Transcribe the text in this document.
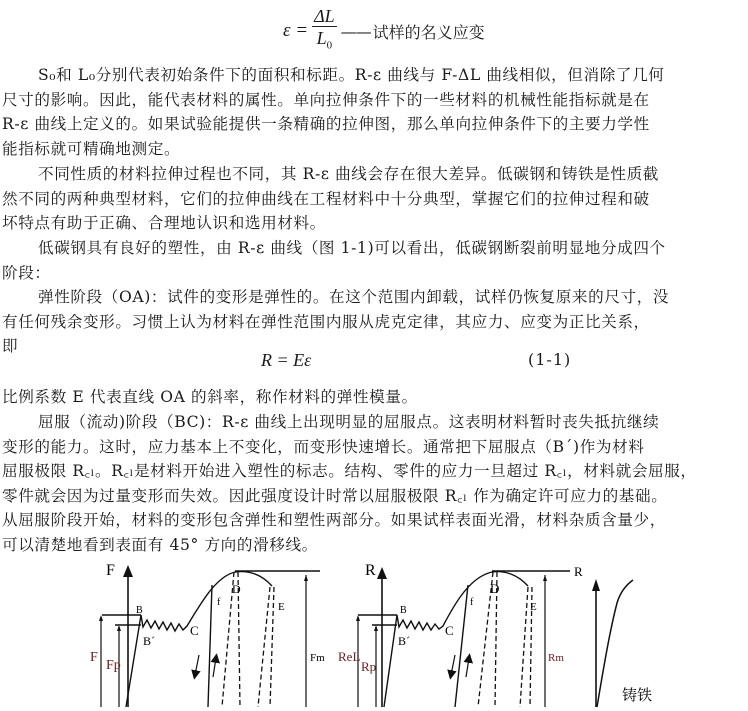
$\varepsilon = \frac{\Delta L}{L_0}$ —— 试样的名义应变

S₀和 L₀分别代表初始条件下的面积和标距。R-ε 曲线与 F-ΔL 曲线相似，但消除了几何
尺寸的影响。因此，能代表材料的属性。单向拉伸条件下的一些材料的机械性能指标就是在
R-ε 曲线上定义的。如果试验能提供一条精确的拉伸图，那么单向拉伸条件下的主要力学性
能指标就可精确地测定。

不同性质的材料拉伸过程也不同，其 R-ε 曲线会存在很大差异。低碳钢和铸铁是性质截
然不同的两种典型材料，它们的拉伸曲线在工程材料中十分典型，掌握它们的拉伸过程和破
坏特点有助于正确、合理地认识和选用材料。

低碳钢具有良好的塑性，由 R-ε 曲线（图 1-1)可以看出，低碳钢断裂前明显地分成四个
阶段：

弹性阶段（OA)：试件的变形是弹性的。在这个范围内卸载，试样仍恢复原来的尺寸，没
有任何残余变形。习惯上认为材料在弹性范围内服从虎克定律，其应力、应变为正比关系，
即

R = Eε	(1-1)

比例系数 E 代表直线 OA 的斜率，称作材料的弹性模量。

屈服（流动)阶段（BC)：R-ε 曲线上出现明显的屈服点。这表明材料暂时丧失抵抗继续
变形的能力。这时，应力基本上不变化，而变形快速增长。通常把下屈服点（B´)作为材料
屈服极限 R꜀ₗ。R꜀ₗ是材料开始进入塑性的标志。结构、零件的应力一旦超过 R꜀ₗ，材料就会屈服，
零件就会因为过量变形而失效。因此强度设计时常以屈服极限 R꜀ₗ 作为确定许可应力的基础。
从屈服阶段开始，材料的变形包含弹性和塑性两部分。如果试样表面光滑，材料杂质含量少，
可以清楚地看到表面有 45° 方向的滑移线。

F
B
B´
C
f
D
E
F
Fp	Fm
R
B
B´
C
f
D
E
ReL
Rp
Rm
R
铸铁
